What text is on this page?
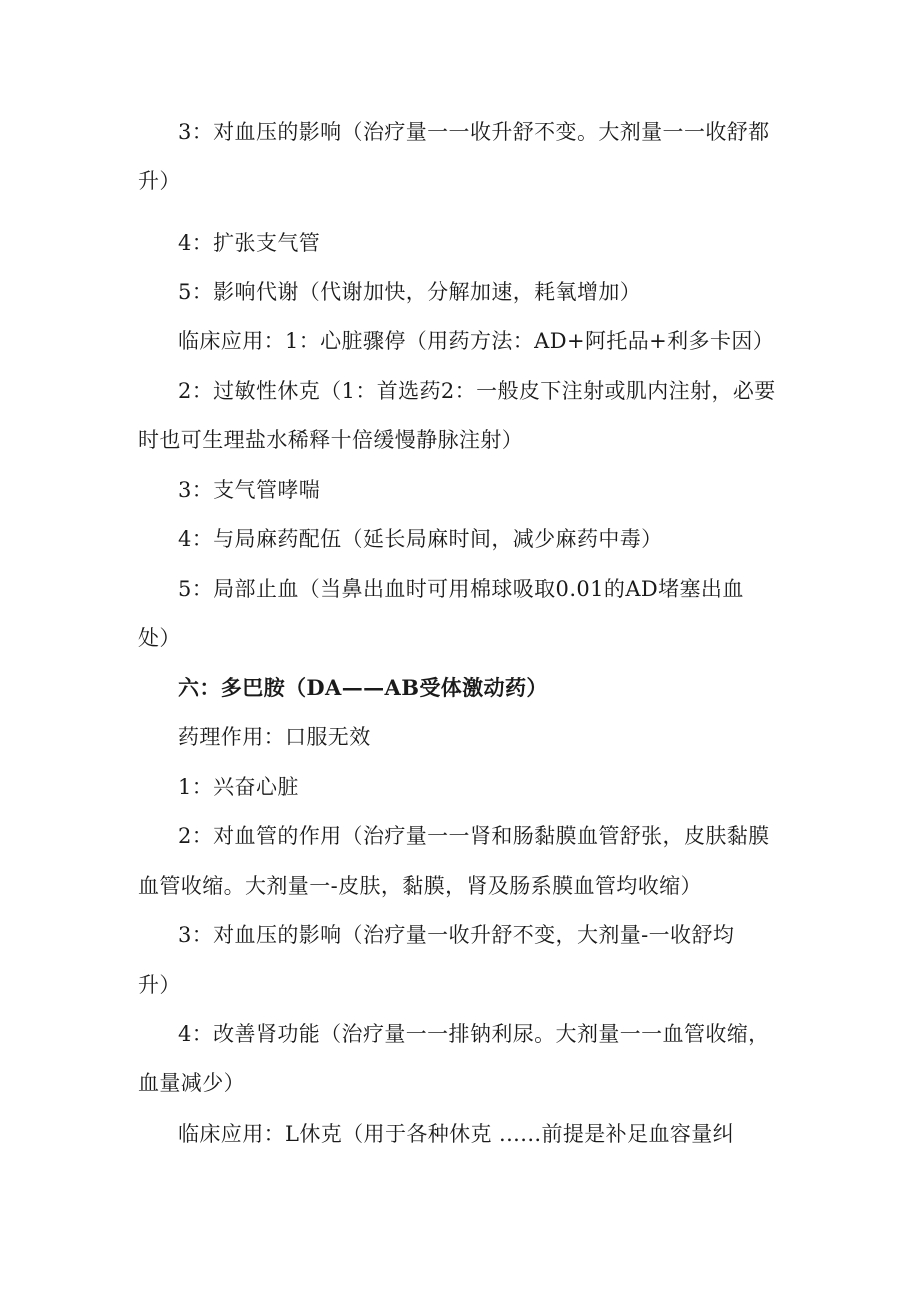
3：对血压的影响（治疗量一一收升舒不变。大剂量一一收舒都
升）
4：扩张支气管
5：影响代谢（代谢加快，分解加速，耗氧增加）
临床应用：1：心脏骤停（用药方法：AD+阿托品+利多卡因）
2：过敏性休克（1：首选药2：一般皮下注射或肌内注射，必要
时也可生理盐水稀释十倍缓慢静脉注射）
3：支气管哮喘
4：与局麻药配伍（延长局麻时间，减少麻药中毒）
5：局部止血（当鼻出血时可用棉球吸取0.01的AD堵塞出血
处）
六：多巴胺（DA——AB受体激动药）
药理作用：口服无效
1：兴奋心脏
2：对血管的作用（治疗量一一肾和肠黏膜血管舒张，皮肤黏膜
血管收缩。大剂量一-皮肤，黏膜，肾及肠系膜血管均收缩）
3：对血压的影响（治疗量一收升舒不变，大剂量-一收舒均
升）
4：改善肾功能（治疗量一一排钠利尿。大剂量一一血管收缩，
血量减少）
临床应用：L休克（用于各种休克 ......前提是补足血容量纠
